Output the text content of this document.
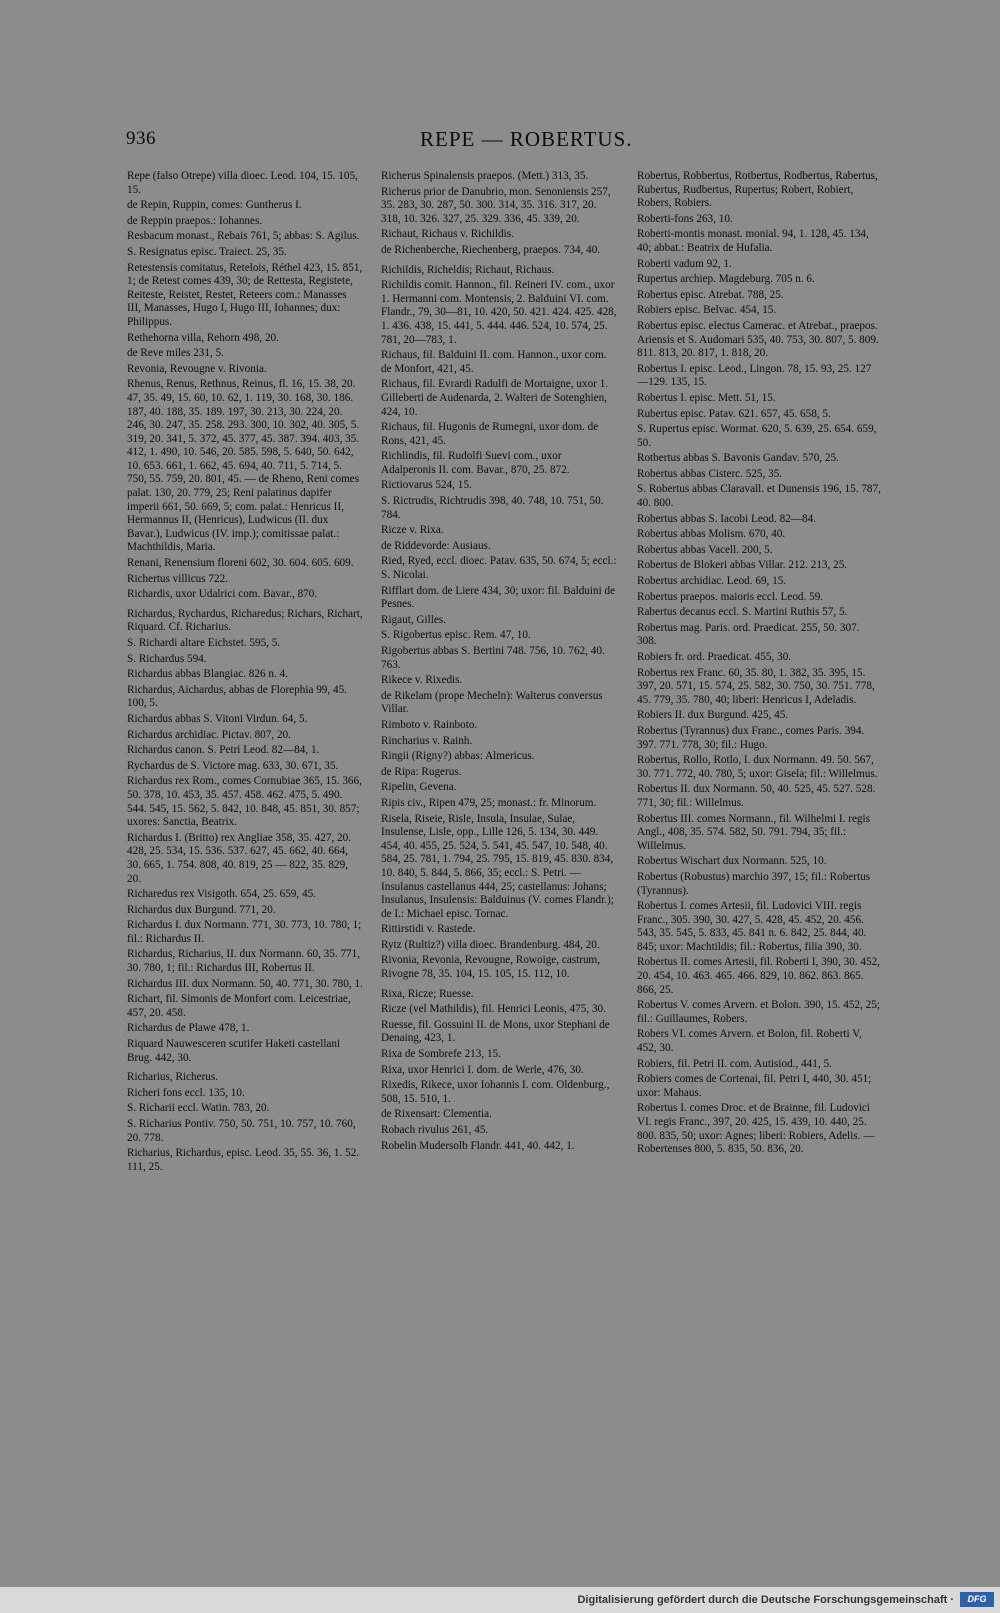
936	REPE — ROBERTUS.
Repe (falso Otrepe) villa dioec. Leod. 104, 15. 105, 15.
de Repin, Ruppin, comes: Guntherus I.
de Reppin praepos.: Iohannes.
Resbacum monast., Rebais 761, 5; abbas: S. Agilus.
S. Resignatus episc. Traiect. 25, 35.
Retestensis comitatus, Retelois, Réthel 423, 15. 851, 1; de Retest comes 439, 30; de Rettesta, Registete, Reiteste, Reistet, Restet, Reteers com.: Manasses III, Manasses, Hugo I, Hugo III, Iohannes; dux: Philippus.
Rethehorna villa, Rehorn 498, 20.
de Reve miles 231, 5.
Revonia, Revougne v. Rivonia.
Rhenus, Renus, Rethnus, Reinus, fl. 16, 15. 38, 20. 47, 35. 49, 15. 60, 10. 62, 1. 119, 30. 168, 30. 186. 187, 40. 188, 35. 189. 197, 30. 213, 30. 224, 20. 246, 30. 247, 35. 258. 293. 300, 10. 302, 40. 305, 5. 319, 20. 341, 5. 372, 45. 377, 45. 387. 394. 403, 35. 412, 1. 490, 10. 546, 20. 585. 598, 5. 640, 50. 642, 10. 653. 661, 1. 662, 45. 694, 40. 711, 5. 714, 5. 750, 55. 759, 20. 801, 45. — de Rheno, Reni comes palat. 130, 20. 779, 25; Reni palatinus dapifer imperii 661, 50. 669, 5; com. palat.: Henricus II, Hermannus II, (Henricus), Ludwicus (II. dux Bavar.), Ludwicus (IV. imp.); comitissae palat.: Machthildis, Maria.
Renani, Renensium floreni 602, 30. 604. 605. 609.
Richertus villicus 722.
Richardis, uxor Udalrici com. Bavar., 870.
Richardus, Rychardus, Richaredus; Richars, Richart, Riquard. Cf. Richarius.
S. Richardi altare Eichstet. 595, 5.
S. Richardus 594.
Richardus abbas Blangiac. 826 n. 4.
Richardus, Aichardus, abbas de Florephia 99, 45. 100, 5.
Richardus abbas S. Vitoni Virdun. 64, 5.
Richardus archidiac. Pictav. 807, 20.
Richardus canon. S. Petri Leod. 82—84, 1.
Rychardus de S. Victore mag. 633, 30. 671, 35.
Richardus rex Rom., comes Cornubiae 365, 15. 366, 50. 378, 10. 453, 35. 457. 458. 462. 475, 5. 490. 544. 545, 15. 562, 5. 842, 10. 848, 45. 851, 30. 857; uxores: Sanctia, Beatrix.
Richardus I. (Britto) rex Angliae 358, 35. 427, 20. 428, 25. 534, 15. 536. 537. 627, 45. 662, 40. 664, 30. 665, 1. 754. 808, 40. 819, 25 — 822, 35. 829, 20.
Richaredus rex Visigoth. 654, 25. 659, 45.
Richardus dux Burgund. 771, 20.
Richardus I. dux Normann. 771, 30. 773, 10. 780, 1; fil.: Richardus II.
Richardus, Richarius, II. dux Normann. 60, 35. 771, 30. 780, 1; fil.: Richardus III, Robertus II.
Richardus III. dux Normann. 50, 40. 771, 30. 780, 1.
Richart, fil. Simonis de Monfort com. Leicestriae, 457, 20. 458.
Richardus de Plawe 478, 1.
Riquard Nauwesceren scutifer Haketi castellani Brug. 442, 30.
Richarius, Richerus.
Richeri fons eccl. 135, 10.
S. Richarii eccl. Watin. 783, 20.
S. Richarius Pontiv. 750, 50. 751, 10. 757, 10. 760, 20. 778.
Richarius, Richardus, episc. Leod. 35, 55. 36, 1. 52. 111, 25.
Richerus Spinalensis praepos. (Mett.) 313, 35.
Richerus prior de Danubrio, mon. Senoniensis 257, 35. 283, 30. 287, 50. 300. 314, 35. 316. 317, 20. 318, 10. 326. 327, 25. 329. 336, 45. 339, 20.
Richaut, Richaus v. Richildis.
de Richenberche, Riechenberg, praepos. 734, 40.
Richildis, Richeldis; Richaut, Richaus.
Richildis comit. Hannon., fil. Reineri IV. com., uxor 1. Hermanni com. Montensis, 2. Balduini VI. com. Flandr., 79, 30—81, 10. 420, 50. 421. 424. 425. 428, 1. 436. 438, 15. 441, 5. 444. 446. 524, 10. 574, 25. 781, 20—783, 1.
Richaus, fil. Balduini II. com. Hannon., uxor com. de Monfort, 421, 45.
Richaus, fil. Evrardi Radulfi de Mortaigne, uxor 1. Gilleberti de Audenarda, 2. Walteri de Sotenghien, 424, 10.
Richaus, fil. Hugonis de Rumegni, uxor dom. de Rons, 421, 45.
Richlindis, fil. Rudolfi Suevi com., uxor Adalperonis II. com. Bavar., 870, 25. 872.
Rictiovarus 524, 15.
S. Rictrudis, Richtrudis 398, 40. 748, 10. 751, 50. 784.
Ricze v. Rixa.
de Riddevorde: Ausiaus.
Ried, Ryed, eccl. dioec. Patav. 635, 50. 674, 5; eccl.: S. Nicolai.
Rifflart dom. de Liere 434, 30; uxor: fil. Balduini de Pesnes.
Rigaut, Gilles.
S. Rigobertus episc. Rem. 47, 10.
Rigobertus abbas S. Bertini 748. 756, 10. 762, 40. 763.
Rikece v. Rixedis.
de Rikelam (prope Mecheln): Walterus conversus Villar.
Rimboto v. Rainboto.
Rincharius v. Rainh.
Ringii (Rigny?) abbas: Almericus.
de Ripa: Rugerus.
Ripelin, Gevena.
Ripis civ., Ripen 479, 25; monast.: fr. Minorum.
Risela, Riseie, Risle, Insula, Insulae, Sulae, Insulense, Lisle, opp., Lille 126, 5. 134, 30. 449. 454, 40. 455, 25. 524, 5. 541, 45. 547, 10. 548, 40. 584, 25. 781, 1. 794, 25. 795, 15. 819, 45. 830. 834, 10. 840, 5. 844, 5. 866, 35; eccl.: S. Petri. — Insulanus castellanus 444, 25; castellanus: Johans; Insulanus, Insulensis: Balduinus (V. comes Flandr.); de I.: Michael episc. Tornac.
Rittirstidi v. Rastede.
Rytz (Rultiz?) villa dioec. Brandenburg. 484, 20.
Rivonia, Revonia, Revougne, Rowoige, castrum, Rivogne 78, 35. 104, 15. 105, 15. 112, 10.
Rixa, Ricze; Ruesse.
Ricze (vel Mathildis), fil. Henrici Leonis, 475, 30.
Ruesse, fil. Gossuini II. de Mons, uxor Stephani de Denaing, 423, 1.
Rixa de Sombrefe 213, 15.
Rixa, uxor Henrici I. dom. de Werle, 476, 30.
Rixedis, Rikece, uxor Iohannis I. com. Oldenburg., 508, 15. 510, 1.
de Rixensart: Clementia.
Robach rivulus 261, 45.
Robelin Mudersolb Flandr. 441, 40. 442, 1.
Robertus, Robbertus, Rotbertus, Rodbertus, Rabertus, Rubertus, Rudbertus, Rupertus; Robert, Robiert, Robers, Robiers.
Roberti-fons 263, 10.
Roberti-montis monast. monial. 94, 1. 128, 45. 134, 40; abbat.: Beatrix de Hufalia.
Roberti vadum 92, 1.
Rupertus archiep. Magdeburg. 705 n. 6.
Robertus episc. Atrebat. 788, 25.
Robiers episc. Belvac. 454, 15.
Robertus episc. electus Camerac. et Atrebat., praepos. Ariensis et S. Audomari 535, 40. 753, 30. 807, 5. 809. 811. 813, 20. 817, 1. 818, 20.
Robertus I. episc. Leod., Lingon. 78, 15. 93, 25. 127—129. 135, 15.
Robertus I. episc. Mett. 51, 15.
Rubertus episc. Patav. 621. 657, 45. 658, 5.
S. Rupertus episc. Wormat. 620, 5. 639, 25. 654. 659, 50.
Rotbertus abbas S. Bavonis Gandav. 570, 25.
Robertus abbas Cisterc. 525, 35.
S. Robertus abbas Claravall. et Dunensis 196, 15. 787, 40. 800.
Robertus abbas S. Iacobi Leod. 82—84.
Robertus abbas Molism. 670, 40.
Robertus abbas Vacell. 200, 5.
Robertus de Blokeri abbas Villar. 212. 213, 25.
Robertus archidiac. Leod. 69, 15.
Robertus praepos. maioris eccl. Leod. 59.
Rabertus decanus eccl. S. Martini Ruthis 57, 5.
Robertus mag. Paris. ord. Praedicat. 255, 50. 307. 308.
Robiers fr. ord. Praedicat. 455, 30.
Robertus rex Franc. 60, 35. 80, 1. 382, 35. 395, 15. 397, 20. 571, 15. 574, 25. 582, 30. 750, 30. 751. 778, 45. 779, 35. 780, 40; liberi: Henricus I, Adeladis.
Robiers II. dux Burgund. 425, 45.
Robertus (Tyrannus) dux Franc., comes Paris. 394. 397. 771. 778, 30; fil.: Hugo.
Robertus, Rollo, Rotlo, I. dux Normann. 49. 50. 567, 30. 771. 772, 40. 780, 5; uxor: Gisela; fil.: Willelmus.
Robertus II. dux Normann. 50, 40. 525, 45. 527. 528. 771, 30; fil.: Willelmus.
Robertus III. comes Normann., fil. Wilhelmi I. regis Angl., 408, 35. 574. 582, 50. 791. 794, 35; fil.: Willelmus.
Robertus Wischart dux Normann. 525, 10.
Robertus (Robustus) marchio 397, 15; fil.: Robertus (Tyrannus).
Robertus I. comes Artesii, fil. Ludovici VIII. regis Franc., 305. 390, 30. 427, 5. 428, 45. 452, 20. 456. 543, 35. 545, 5. 833, 45. 841 n. 6. 842, 25. 844, 40. 845; uxor: Machtildis; fil.: Robertus, filia 390, 30.
Robertus II. comes Artesii, fil. Roberti I, 390, 30. 452, 20. 454, 10. 463. 465. 466. 829, 10. 862. 863. 865. 866, 25.
Robertus V. comes Arvern. et Bolon. 390, 15. 452, 25; fil.: Guillaumes, Robers.
Robers VI. comes Arvern. et Bolon, fil. Roberti V, 452, 30.
Robiers, fil. Petri II. com. Autisiod., 441, 5.
Robiers comes de Cortenai, fil. Petri I, 440, 30. 451; uxor: Mahaus.
Robertus I. comes Droc. et de Brainne, fil. Ludovici VI. regis Franc., 397, 20. 425, 15. 439, 10. 440, 25. 800. 835, 50; uxor: Agnes; liberi: Robiers, Adelis. — Robertenses 800, 5. 835, 50. 836, 20.
Digitalisierung gefördert durch die Deutsche Forschungsgemeinschaft ·	DFG
